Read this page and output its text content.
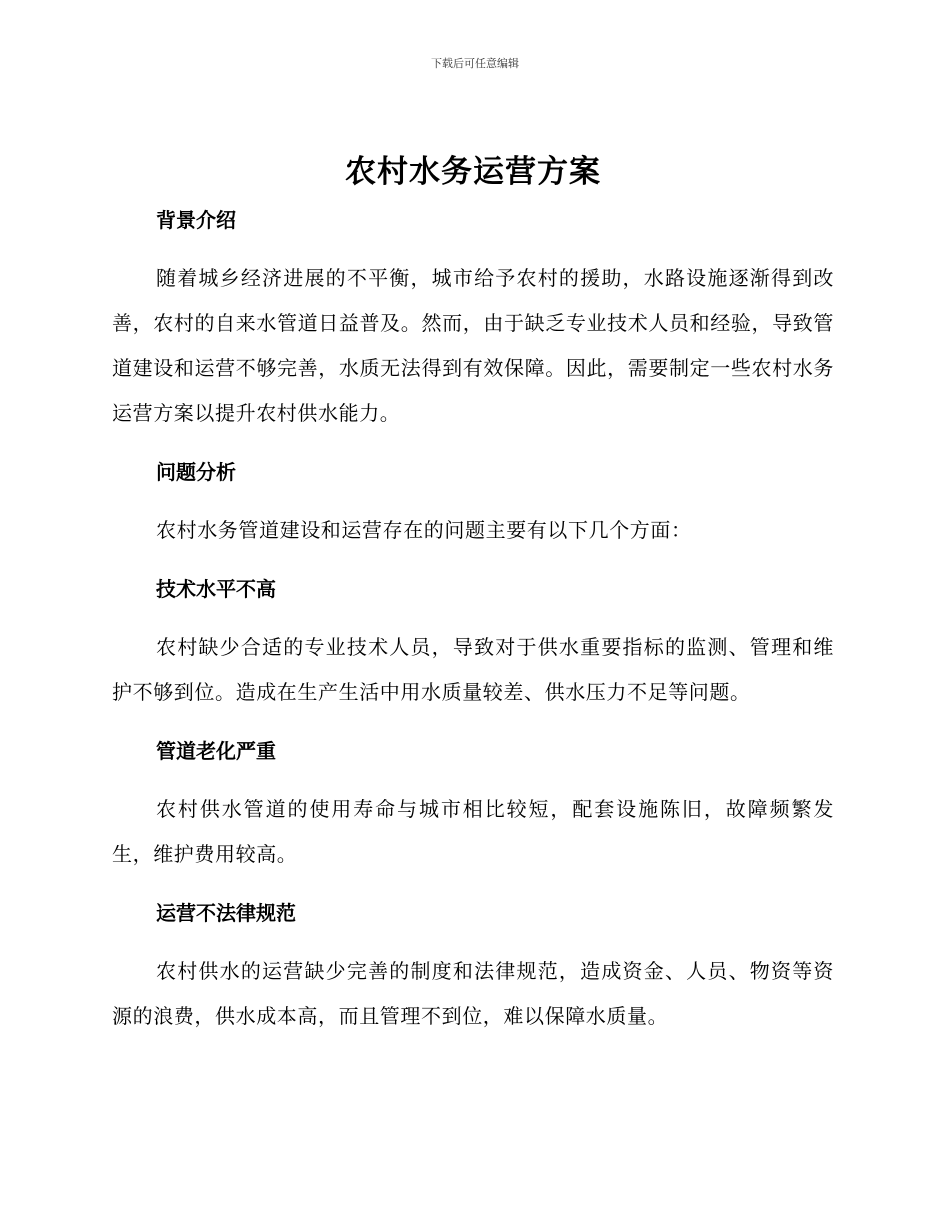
下载后可任意编辑
农村水务运营方案
背景介绍

随着城乡经济进展的不平衡，城市给予农村的援助，水路设施逐渐得到改善，农村的自来水管道日益普及。然而，由于缺乏专业技术人员和经验，导致管道建设和运营不够完善，水质无法得到有效保障。因此，需要制定一些农村水务运营方案以提升农村供水能力。

问题分析

农村水务管道建设和运营存在的问题主要有以下几个方面：

技术水平不高

农村缺少合适的专业技术人员，导致对于供水重要指标的监测、管理和维护不够到位。造成在生产生活中用水质量较差、供水压力不足等问题。

管道老化严重

农村供水管道的使用寿命与城市相比较短，配套设施陈旧，故障频繁发生，维护费用较高。

运营不法律规范

农村供水的运营缺少完善的制度和法律规范，造成资金、人员、物资等资源的浪费，供水成本高，而且管理不到位，难以保障水质量。
